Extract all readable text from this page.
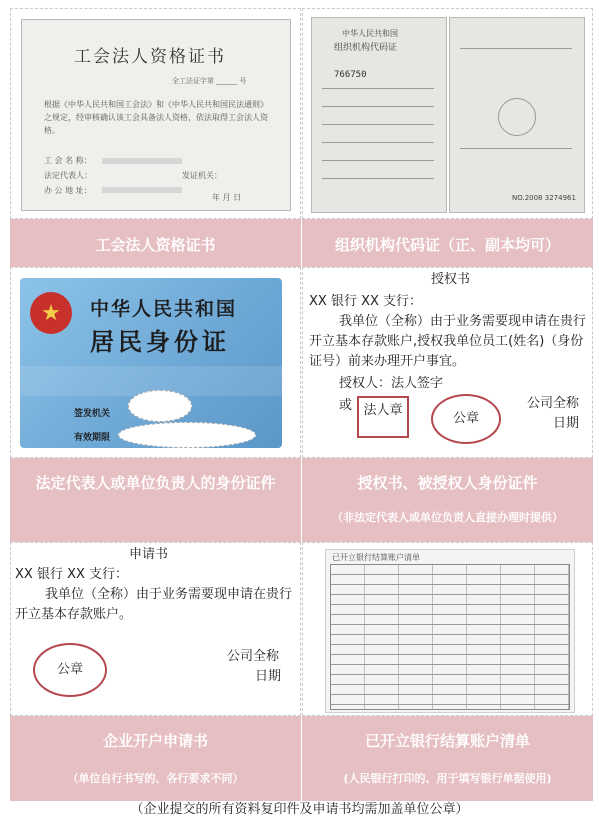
工会法人资格证书
全工法证字第 ______ 号
根据《中华人民共和国工会法》和《中华人民共和国民法通则》之规定，经审核确认该工会具备法人资格，依法取得工会法人资格。
工 会 名 称：
法定代表人：
办 公 地 址：
发证机关：
年 月 日
中华人民共和国
组织机构代码证
766750
NO.2008 3274961
工会法人资格证书	组织机构代码证（正、副本均可）
★	中华人民共和国
居民身份证
签发机关
有效期限
授权书
XX 银行 XX 支行：
我单位（全称）由于业务需要现申请在贵行开立基本存款账户,授权我单位员工(姓名)（身份证号）前来办理开户事宜。
授权人：法人签字
或 法人章
公章
公司全称
日期
法定代表人或单位负责人的身份证件	授权书、被授权人身份证件
（非法定代表人或单位负责人直接办理时提供）
申请书
XX 银行 XX 支行：
我单位（全称）由于业务需要现申请在贵行开立基本存款账户。
公章
公司全称
日期
已开立银行结算账户清单
企业开户申请书
（单位自行书写的、各行要求不同）
已开立银行结算账户清单
(人民银行打印的、用于填写银行单据使用)
（企业提交的所有资料复印件及申请书均需加盖单位公章）
